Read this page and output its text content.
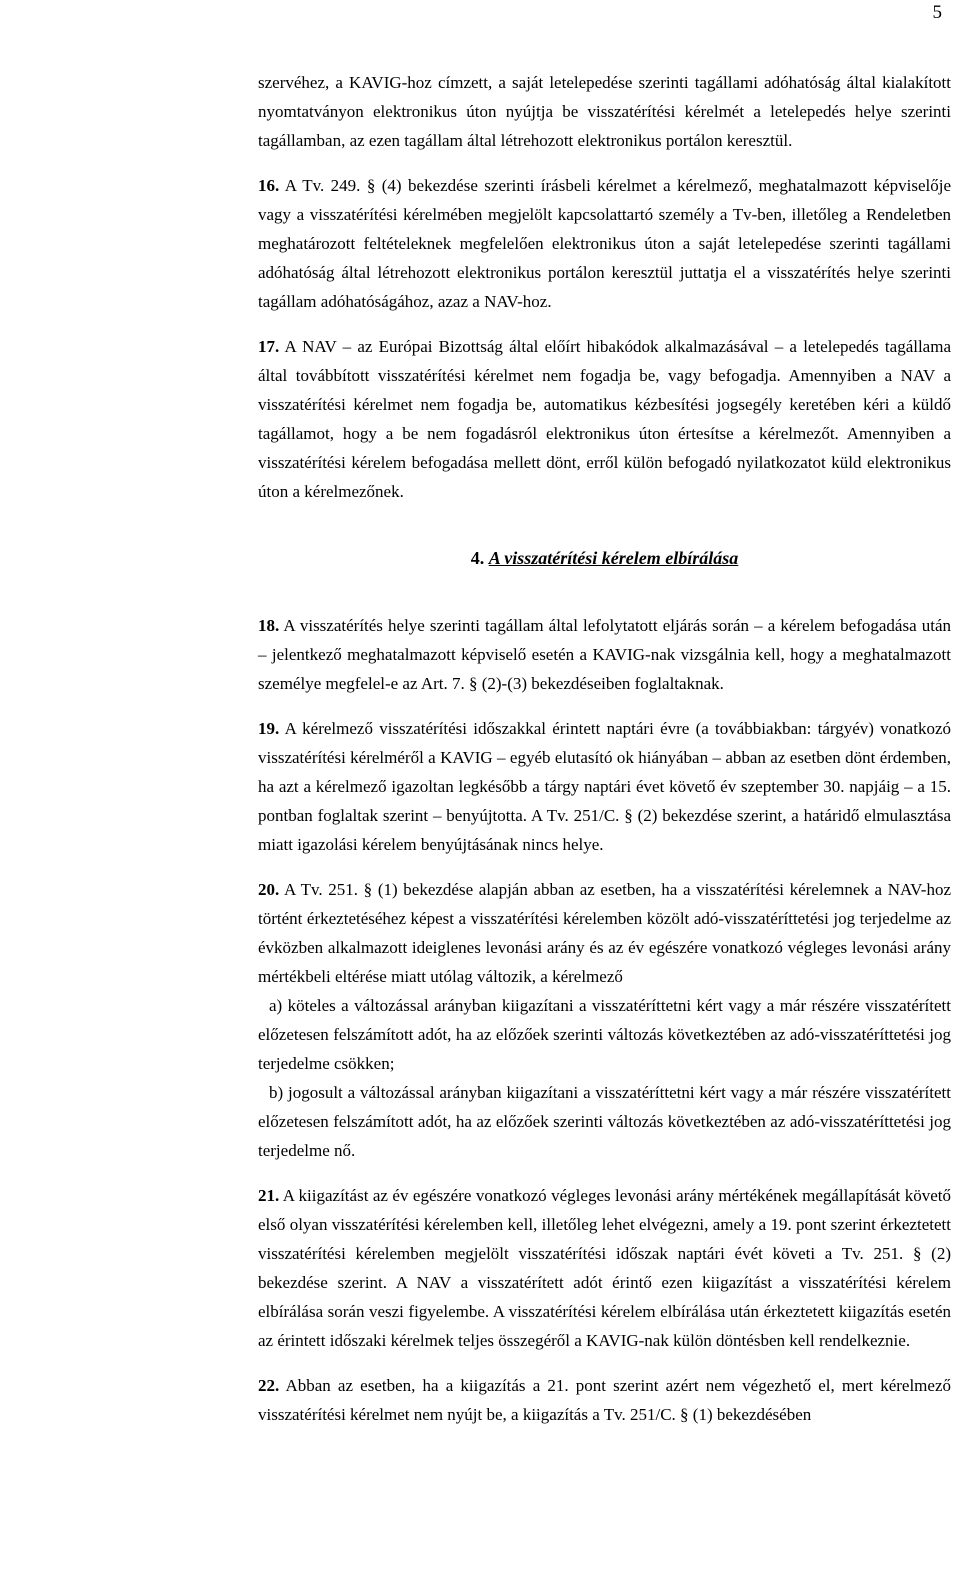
5

szervéhez, a KAVIG-hoz címzett, a saját letelepedése szerinti tagállami adóhatóság által kialakított nyomtatványon elektronikus úton nyújtja be visszatérítési kérelmét a letelepedés helye szerinti tagállamban, az ezen tagállam által létrehozott elektronikus portálon keresztül.

16. A Tv. 249. § (4) bekezdése szerinti írásbeli kérelmet a kérelmező, meghatalmazott képviselője vagy a visszatérítési kérelmében megjelölt kapcsolattartó személy a Tv-ben, illetőleg a Rendeletben meghatározott feltételeknek megfelelően elektronikus úton a saját letelepedése szerinti tagállami adóhatóság által létrehozott elektronikus portálon keresztül juttatja el a visszatérítés helye szerinti tagállam adóhatóságához, azaz a NAV-hoz.

17. A NAV – az Európai Bizottság által előírt hibakódok alkalmazásával – a letelepedés tagállama által továbbított visszatérítési kérelmet nem fogadja be, vagy befogadja. Amennyiben a NAV a visszatérítési kérelmet nem fogadja be, automatikus kézbesítési jogsegély keretében kéri a küldő tagállamot, hogy a be nem fogadásról elektronikus úton értesítse a kérelmezőt. Amennyiben a visszatérítési kérelem befogadása mellett dönt, erről külön befogadó nyilatkozatot küld elektronikus úton a kérelmezőnek.

4. A visszatérítési kérelem elbírálása

18. A visszatérítés helye szerinti tagállam által lefolytatott eljárás során – a kérelem befogadása után – jelentkező meghatalmazott képviselő esetén a KAVIG-nak vizsgálnia kell, hogy a meghatalmazott személye megfelel-e az Art. 7. § (2)-(3) bekezdéseiben foglaltaknak.

19. A kérelmező visszatérítési időszakkal érintett naptári évre (a továbbiakban: tárgyév) vonatkozó visszatérítési kérelméről a KAVIG – egyéb elutasító ok hiányában – abban az esetben dönt érdemben, ha azt a kérelmező igazoltan legkésőbb a tárgy naptári évet követő év szeptember 30. napjáig – a 15. pontban foglaltak szerint – benyújtotta. A Tv. 251/C. § (2) bekezdése szerint, a határidő elmulasztása miatt igazolási kérelem benyújtásának nincs helye.

20. A Tv. 251. § (1) bekezdése alapján abban az esetben, ha a visszatérítési kérelemnek a NAV-hoz történt érkeztetéséhez képest a visszatérítési kérelemben közölt adó-visszatéríttetési jog terjedelme az évközben alkalmazott ideiglenes levonási arány és az év egészére vonatkozó végleges levonási arány mértékbeli eltérése miatt utólag változik, a kérelmező

a) köteles a változással arányban kiigazítani a visszatéríttetni kért vagy a már részére visszatérített előzetesen felszámított adót, ha az előzőek szerinti változás következtében az adó-visszatéríttetési jog terjedelme csökken;

b) jogosult a változással arányban kiigazítani a visszatéríttetni kért vagy a már részére visszatérített előzetesen felszámított adót, ha az előzőek szerinti változás következtében az adó-visszatéríttetési jog terjedelme nő.

21. A kiigazítást az év egészére vonatkozó végleges levonási arány mértékének megállapítását követő első olyan visszatérítési kérelemben kell, illetőleg lehet elvégezni, amely a 19. pont szerint érkeztetett visszatérítési kérelemben megjelölt visszatérítési időszak naptári évét követi a Tv. 251. § (2) bekezdése szerint. A NAV a visszatérített adót érintő ezen kiigazítást a visszatérítési kérelem elbírálása során veszi figyelembe. A visszatérítési kérelem elbírálása után érkeztetett kiigazítás esetén az érintett időszaki kérelmek teljes összegéről a KAVIG-nak külön döntésben kell rendelkeznie.

22. Abban az esetben, ha a kiigazítás a 21. pont szerint azért nem végezhető el, mert kérelmező visszatérítési kérelmet nem nyújt be, a kiigazítás a Tv. 251/C. § (1) bekezdésében
